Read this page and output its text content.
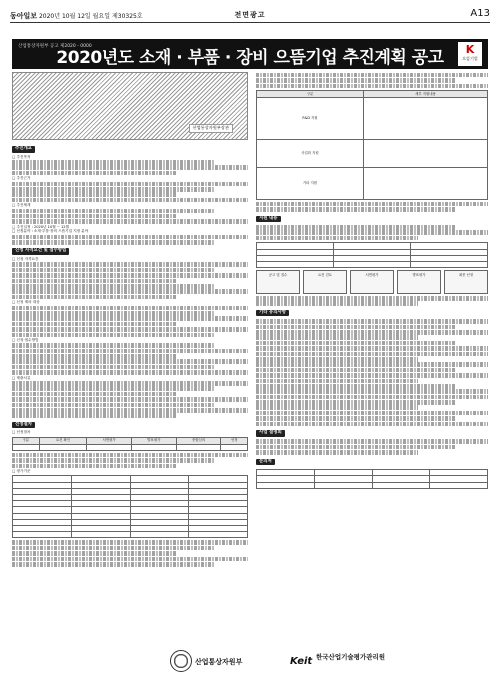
동아일보 2020년 10월 12일 월요일 제30325호	전면광고	A13
산업통상자원부 공고 제2020 - 0000
2020년도 소재 · 부품 · 장비 으뜸기업 추진계획 공고	K
으뜸기업
산업통상자원부장관
추진개요
□ 추진목적
□ 추진근거
□ 추진체계
□ 추진일정 : 2020년 10월 ~ 12월
□ 선정분야 : 소재·부품·장비 으뜸기업 지정 분야
신청 자격요건 및 접수방법
□ 신청 자격요건
□ 신청 제외 대상
□ 신청·접수방법
□ 제출서류
선정절차
□ 선정절차
구분	요건 확인	서면평가	발표평가	종합심의	선정

□ 평가기준

구분	세부 지원내용
R&D 지원	
사업화 지원	
기타 지원	
지원 내용

공고 및 접수	요건 검토	서면평가	발표평가	최종 선정
기타 유의사항
사업 설명회
문의처

산업통상자원부	Keit 한국산업기술평가관리원
